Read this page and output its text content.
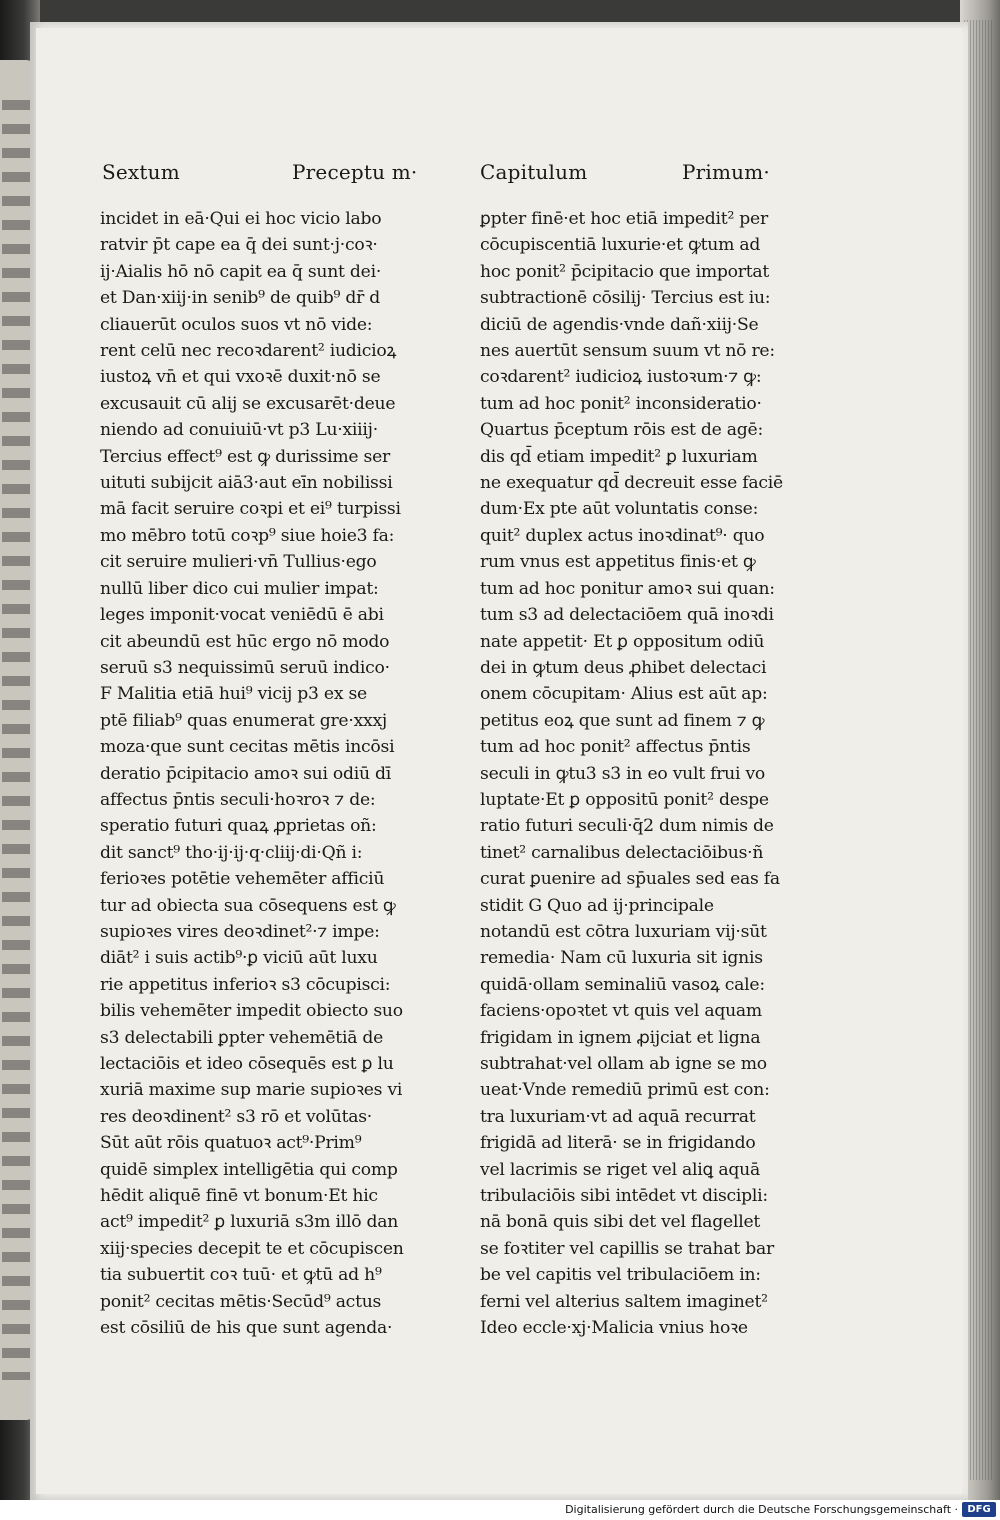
Sextum	Preceptu m·	Capitulum	Primum·
incidet in eā·Qui ei hoc vicio labo
ratvir p̄t cape ea q̄ dei sunt·j·coꝛ·
ij·Aialis hō nō capit ea q̄ sunt dei·
et Dan·xiij·in senib⁹ de quib⁹ dr̄ d
cliauerūt oculos suos vt nō vide:
rent celū nec recoꝛdarent² iudicioꝝ
iustoꝝ vn̄ et qui vxoꝛē duxit·nō se
excusauit cū alij se excusarēt·deue
niendo ad conuiuiū·vt p3 Lu·xiiij·
Tercius effect⁹ est ꝙ durissime ser
uituti subijcit aiā3·aut eīn nobilissi
mā facit seruire coꝛpi et ei⁹ turpissi
mo mēbro totū coꝛp⁹ siue hoie3 fa:
cit seruire mulieri·vn̄ Tullius·ego
nullū liber dico cui mulier impat:
leges imponit·vocat veniēdū ē abi
cit abeundū est hūc ergo nō modo
seruū s3 nequissimū seruū indico·
F Malitia etiā hui⁹ vicij p3 ex se
ptē filiab⁹ quas enumerat gre·xxxj
moza·que sunt cecitas mētis incōsi
deratio p̄cipitacio amoꝛ sui odiū dī
affectus p̄ntis seculi·hoꝛroꝛ ⁊ de:
speratio futuri quaꝝ ꝓprietas oñ:
dit sanct⁹ tho·ij·ij·q·cliij·di·Qñ i:
ferioꝛes potētie vehemēter afficiū
tur ad obiecta sua cōsequens est ꝙ
supioꝛes vires deoꝛdinet²·⁊ impe:
diāt² i suis actib⁹·ꝑ viciū aūt luxu
rie appetitus inferioꝛ s3 cōcupisci:
bilis vehemēter impedit obiecto suo
s3 delectabili ꝑpter vehemētiā de
lectaciōis et ideo cōsequēs est ꝑ lu
xuriā maxime sup marie supioꝛes vi
res deoꝛdinent² s3 rō et volūtas·
Sūt aūt rōis quatuoꝛ act⁹·Prim⁹
quidē simplex intelligētia qui comp
hēdit aliquē finē vt bonum·Et hic
act⁹ impedit² ꝑ luxuriā s3m illō dan
xiij·species decepit te et cōcupiscen
tia subuertit coꝛ tuū· et ꝙtū ad h⁹
ponit² cecitas mētis·Secūd⁹ actus
est cōsiliū de his que sunt agenda·
ꝑpter finē·et hoc etiā impedit² per
cōcupiscentiā luxurie·et ꝙtum ad
hoc ponit² p̄cipitacio que importat
subtractionē cōsilij· Tercius est iu:
diciū de agendis·vnde dañ·xiij·Se
nes auertūt sensum suum vt nō re:
coꝛdarent² iudicioꝝ iustoꝛum·⁊ ꝙ:
tum ad hoc ponit² inconsideratio·
Quartus p̄ceptum rōis est de agē:
dis qd̄ etiam impedit² ꝑ luxuriam
ne exequatur qd̄ decreuit esse faciē
dum·Ex pte aūt voluntatis conse:
quit² duplex actus inoꝛdinat⁹· quo
rum vnus est appetitus finis·et ꝙ
tum ad hoc ponitur amoꝛ sui quan:
tum s3 ad delectaciōem quā inoꝛdi
nate appetit· Et ꝑ oppositum odiū
dei in ꝙtum deus ꝓhibet delectaci
onem cōcupitam· Alius est aūt ap:
petitus eoꝝ que sunt ad finem ⁊ ꝙ
tum ad hoc ponit² affectus p̄ntis
seculi in ꝙtu3 s3 in eo vult frui vo
luptate·Et ꝑ oppositū ponit² despe
ratio futuri seculi·q̄2 dum nimis de
tinet² carnalibus delectaciōibus·ñ
curat ꝑuenire ad sp̄uales sed eas fa
stidit G Quo ad ij·principale
notandū est cōtra luxuriam vij·sūt
remedia· Nam cū luxuria sit ignis
quidā·ollam seminaliū vasoꝝ cale:
faciens·opoꝛtet vt quis vel aquam
frigidam in ignem ꝓijciat et ligna
subtrahat·vel ollam ab igne se mo
ueat·Vnde remediū primū est con:
tra luxuriam·vt ad aquā recurrat
frigidā ad literā· se in frigidando
vel lacrimis se riget vel aliꝗ aquā
tribulaciōis sibi intēdet vt discipli:
nā bonā quis sibi det vel flagellet
se foꝛtiter vel capillis se trahat bar
be vel capitis vel tribulaciōem in:
ferni vel alterius saltem imaginet²
Ideo eccle·xj·Malicia vnius hoꝛe
Digitalisierung gefördert durch die Deutsche Forschungsgemeinschaft · DFG
